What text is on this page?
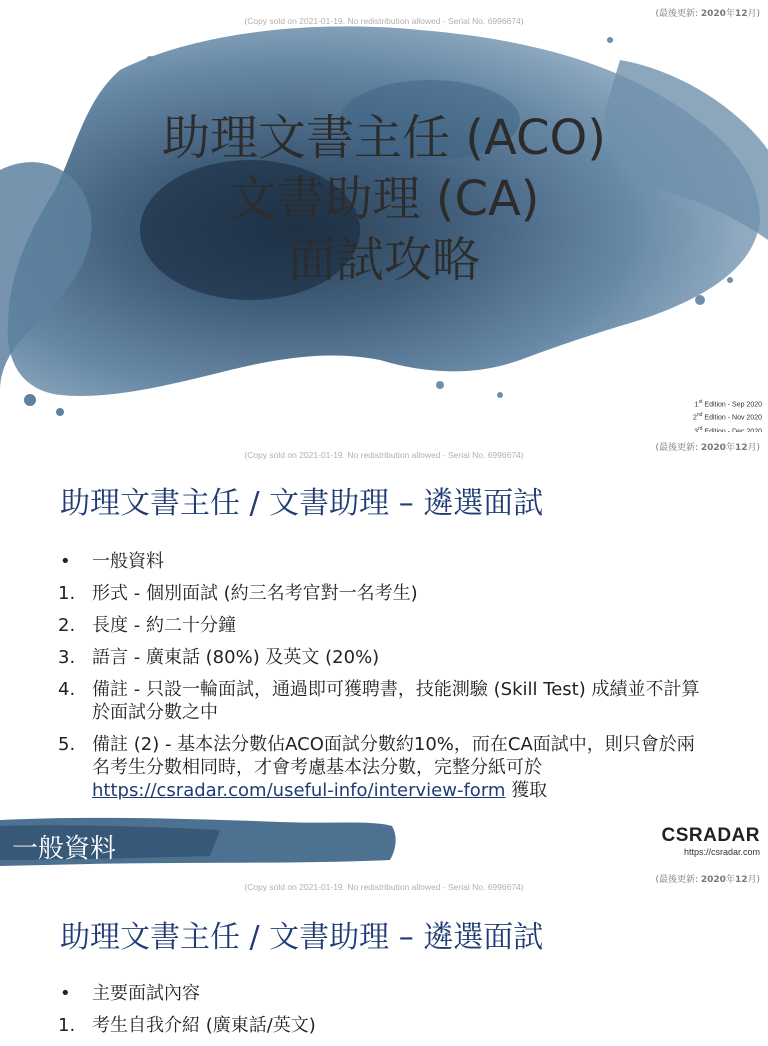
(Copy sold on 2021-01-19. No redistribution allowed - Serial No. 6996674)
(最後更新: 2020年12月)
助理文書主任 (ACO)
文書助理 (CA)
面試攻略
1st Edition - Sep 2020
2nd Edition - Nov 2020
$^{rd}$
(Copy sold on 2021-01-19. No redistribution allowed - Serial No. 6996674)
(最後更新: 2020年12月)
助理文書主任 / 文書助理 – 遴選面試
• 一般資料
1. 形式 - 個別面試 (約三名考官對一名考生)
2. 長度 - 約二十分鐘
3. 語言 - 廣東話 (80%) 及英文 (20%)
4. 備註 - 只設一輪面試，通過即可獲聘書，技能測驗 (Skill Test) 成績並不計算於面試分數之中
5. 備註 (2) - 基本法分數佔ACO面試分數約10%，而在CA面試中，則只會於兩名考生分數相同時，才會考慮基本法分數，完整分紙可於 https://csradar.com/useful-info/interview-form 獲取
一般資料	CSRADAR
https://csradar.com
(Copy sold on 2021-01-19. No redistribution allowed - Serial No. 6996674)
(最後更新: 2020年12月)
助理文書主任 / 文書助理 – 遴選面試
• 主要面試內容
1. 考生自我介紹 (廣東話/英文)
